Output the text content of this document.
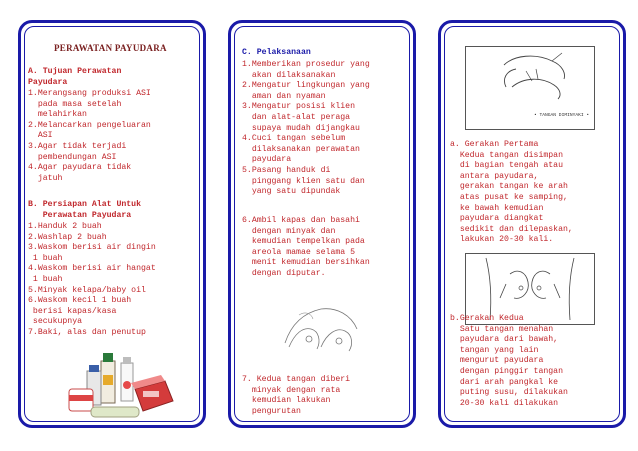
PERAWATAN PAYUDARA
A. Tujuan Perawatan
Payudara
1.Merangsang produksi ASI
pada masa setelah
melahirkan
2.Melancarkan pengeluaran
ASI
3.Agar tidak terjadi
pembendungan ASI
4.Agar payudara tidak
jatuh
B. Persiapan Alat Untuk
Perawatan Payudara
1.Handuk 2 buah
2.Washlap 2 buah
3.Waskom berisi air dingin
1 buah
4.Waskom berisi air hangat
1 buah
5.Minyak kelapa/baby oil
6.Waskom kecil 1 buah
berisi kapas/kasa
secukupnya
7.Baki, alas dan penutup
C. Pelaksanaan
1.Memberikan prosedur yang
akan dilaksanakan
2.Mengatur lingkungan yang
aman dan nyaman
3.Mengatur posisi klien
dan alat-alat peraga
supaya mudah dijangkau
4.Cuci tangan sebelum
dilaksanakan perawatan
payudara
5.Pasang handuk di
pinggang klien satu dan
yang satu dipundak
6.Ambil kapas dan basahi
dengan minyak dan
kemudian tempelkan pada
areola mamae selama 5
menit kemudian bersihkan
dengan diputar.
7. Kedua tangan diberi
minyak dengan rata
kemudian lakukan
pengurutan
• TANGAN DIMINYAKI •
a. Gerakan Pertama
Kedua tangan disimpan
di bagian tengah atau
antara payudara,
gerakan tangan ke arah
atas pusat ke samping,
ke bawah kemudian
payudara diangkat
sedikit dan dilepaskan,
lakukan 20-30 kali.
b.Gerakan Kedua
Satu tangan menahan
payudara dari bawah,
tangan yang lain
mengurut payudara
dengan pinggir tangan
dari arah pangkal ke
puting susu, dilakukan
20-30 kali dilakukan
